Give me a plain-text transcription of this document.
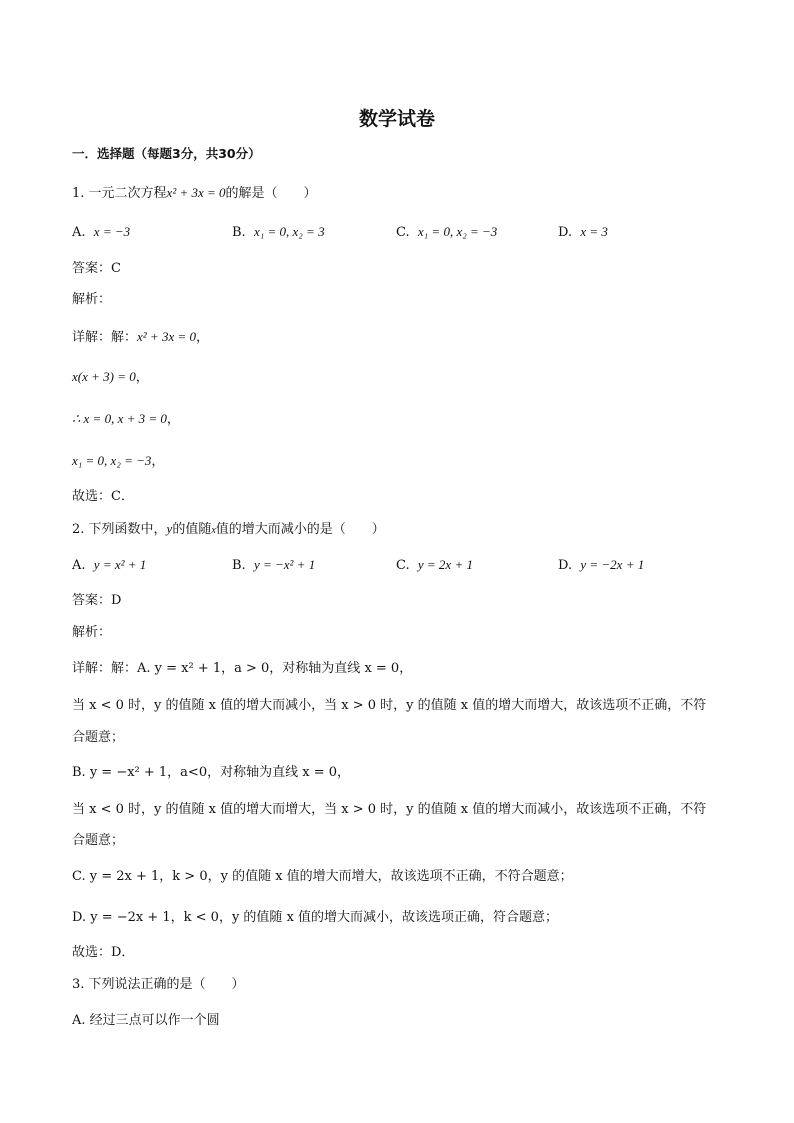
数学试卷
一．选择题（每题3分，共30分）
1. 一元二次方程x² + 3x = 0的解是（　　）
A. x = −3	B. x₁ = 0, x₂ = 3	C. x₁ = 0, x₂ = −3	D. x = 3
答案：C
解析：
详解：解：x² + 3x = 0，
x(x + 3) = 0，
∴ x = 0, x + 3 = 0，
x₁ = 0, x₂ = −3，
故选：C．
2. 下列函数中，y的值随x值的增大而减小的是（　　）
A. y = x² + 1	B. y = −x² + 1	C. y = 2x + 1	D. y = −2x + 1
答案：D
解析：
详解：解：A. y = x² + 1，a > 0，对称轴为直线 x = 0，
当 x < 0 时，y 的值随 x 值的增大而减小，当 x > 0 时，y 的值随 x 值的增大而增大，故该选项不正确，不符
合题意；
B. y = −x² + 1，a<0，对称轴为直线 x = 0，
当 x < 0 时，y 的值随 x 值的增大而增大，当 x > 0 时，y 的值随 x 值的增大而减小，故该选项不正确，不符
合题意；
C. y = 2x + 1，k > 0，y 的值随 x 值的增大而增大，故该选项不正确，不符合题意；
D. y = −2x + 1，k < 0，y 的值随 x 值的增大而减小，故该选项正确，符合题意；
故选：D．
3. 下列说法正确的是（　　）
A. 经过三点可以作一个圆
